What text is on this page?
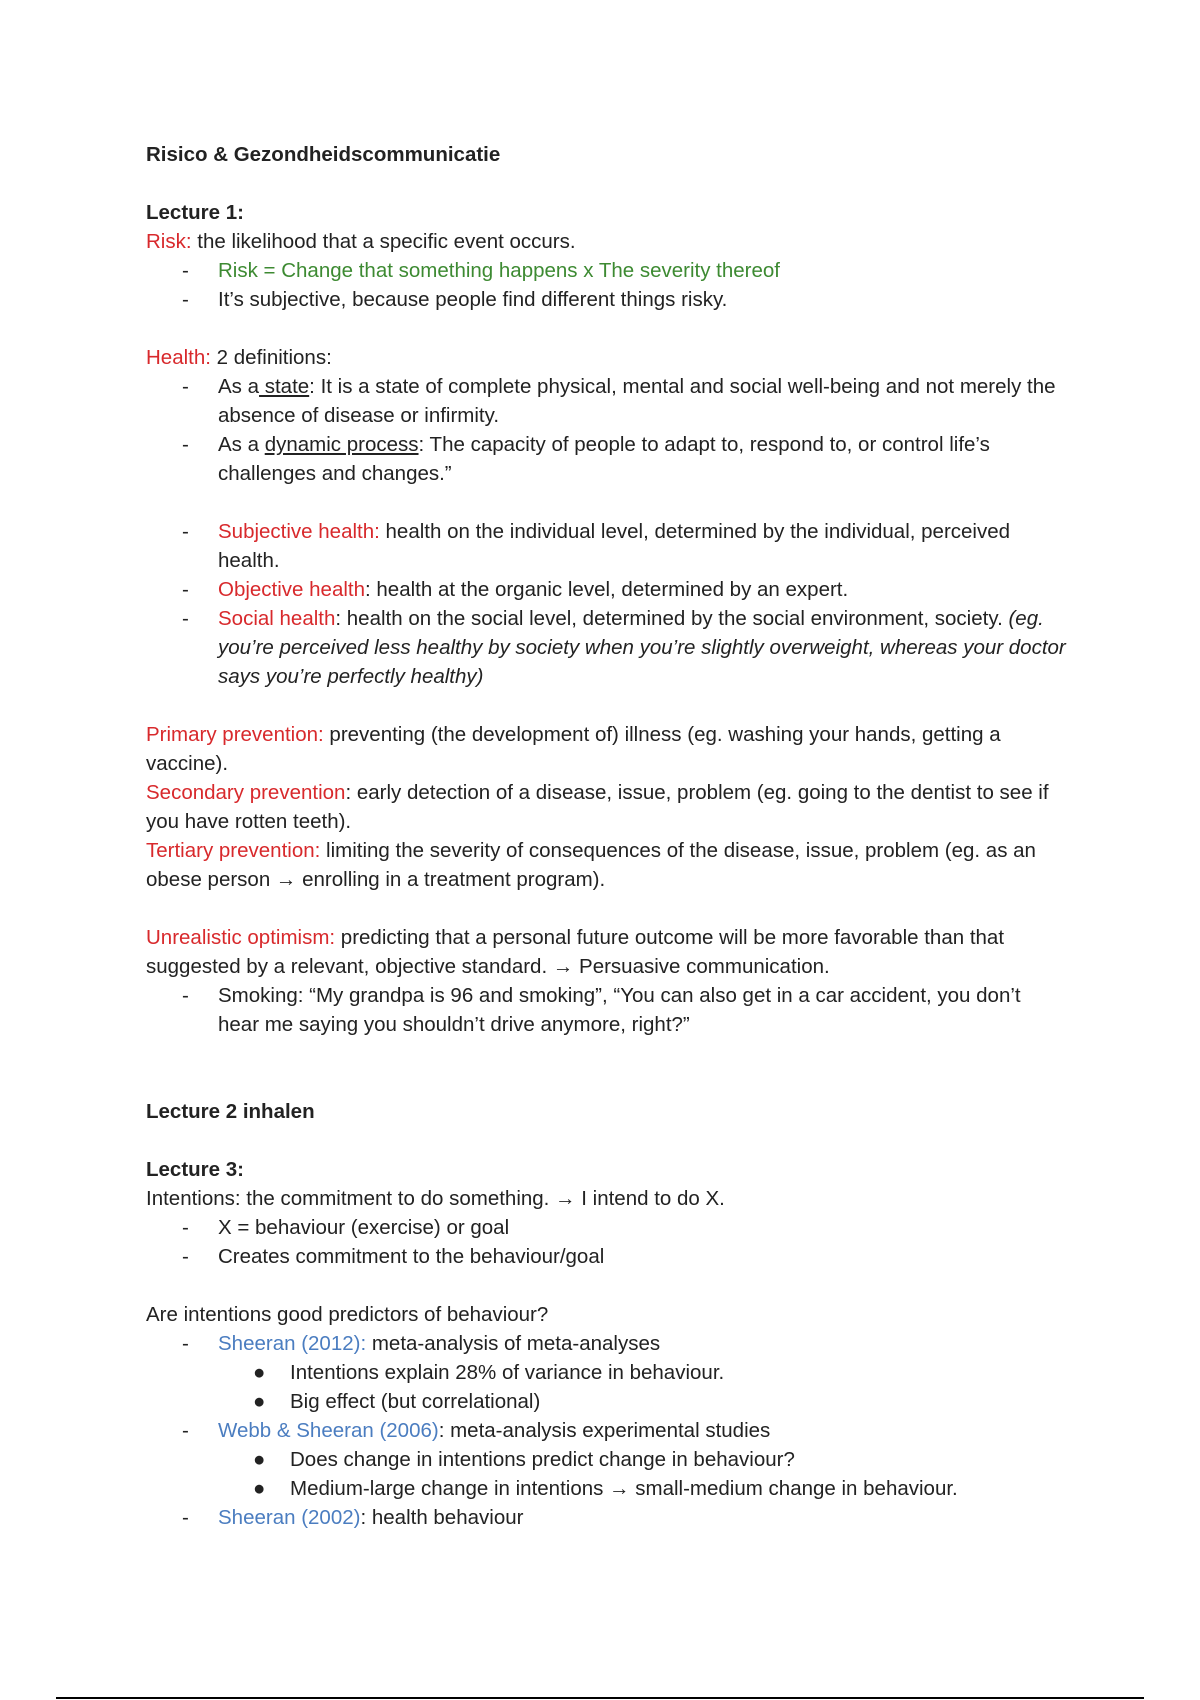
Risico & Gezondheidscommunicatie
Lecture 1:
Risk: the likelihood that a specific event occurs.
- Risk = Change that something happens x The severity thereof
- It’s subjective, because people find different things risky.
Health: 2 definitions:
- As a state: It is a state of complete physical, mental and social well-being and not merely the absence of disease or infirmity.
- As a dynamic process: The capacity of people to adapt to, respond to, or control life’s challenges and changes.”
- Subjective health: health on the individual level, determined by the individual, perceived health.
- Objective health: health at the organic level, determined by an expert.
- Social health: health on the social level, determined by the social environment, society. (eg. you’re perceived less healthy by society when you’re slightly overweight, whereas your doctor says you’re perfectly healthy)
Primary prevention: preventing (the development of) illness (eg. washing your hands, getting a vaccine).
Secondary prevention: early detection of a disease, issue, problem (eg. going to the dentist to see if you have rotten teeth).
Tertiary prevention: limiting the severity of consequences of the disease, issue, problem (eg. as an obese person → enrolling in a treatment program).
Unrealistic optimism: predicting that a personal future outcome will be more favorable than that suggested by a relevant, objective standard. → Persuasive communication.
- Smoking: “My grandpa is 96 and smoking”, “You can also get in a car accident, you don’t hear me saying you shouldn’t drive anymore, right?”
Lecture 2 inhalen
Lecture 3:
Intentions: the commitment to do something. → I intend to do X.
- X = behaviour (exercise) or goal
- Creates commitment to the behaviour/goal
Are intentions good predictors of behaviour?
- Sheeran (2012): meta-analysis of meta-analyses
● Intentions explain 28% of variance in behaviour.
● Big effect (but correlational)
- Webb & Sheeran (2006): meta-analysis experimental studies
● Does change in intentions predict change in behaviour?
● Medium-large change in intentions → small-medium change in behaviour.
- Sheeran (2002): health behaviour
